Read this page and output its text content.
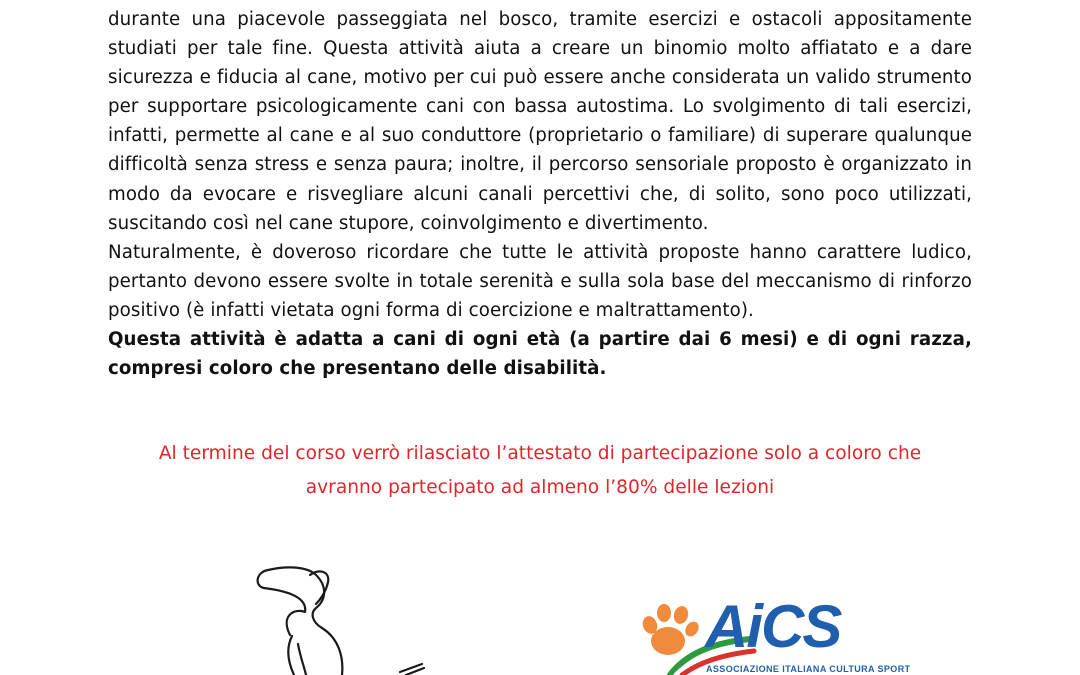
durante una piacevole passeggiata nel bosco, tramite esercizi e ostacoli appositamente studiati per tale fine. Questa attività aiuta a creare un binomio molto affiatato e a dare sicurezza e fiducia al cane, motivo per cui può essere anche considerata un valido strumento per supportare psicologicamente cani con bassa autostima. Lo svolgimento di tali esercizi, infatti, permette al cane e al suo conduttore (proprietario o familiare) di superare qualunque difficoltà senza stress e senza paura; inoltre, il percorso sensoriale proposto è organizzato in modo da evocare e risvegliare alcuni canali percettivi che, di solito, sono poco utilizzati, suscitando così nel cane stupore, coinvolgimento e divertimento.

Naturalmente, è doveroso ricordare che tutte le attività proposte hanno carattere ludico, pertanto devono essere svolte in totale serenità e sulla sola base del meccanismo di rinforzo positivo (è infatti vietata ogni forma di coercizione e maltrattamento).

Questa attività è adatta a cani di ogni età (a partire dai 6 mesi) e di ogni razza, compresi coloro che presentano delle disabilità.

Al termine del corso verrò rilasciato l’attestato di partecipazione solo a coloro che

avranno partecipato ad almeno l’80% delle lezioni

AiCS
ASSOCIAZIONE ITALIANA CULTURA SPORT
